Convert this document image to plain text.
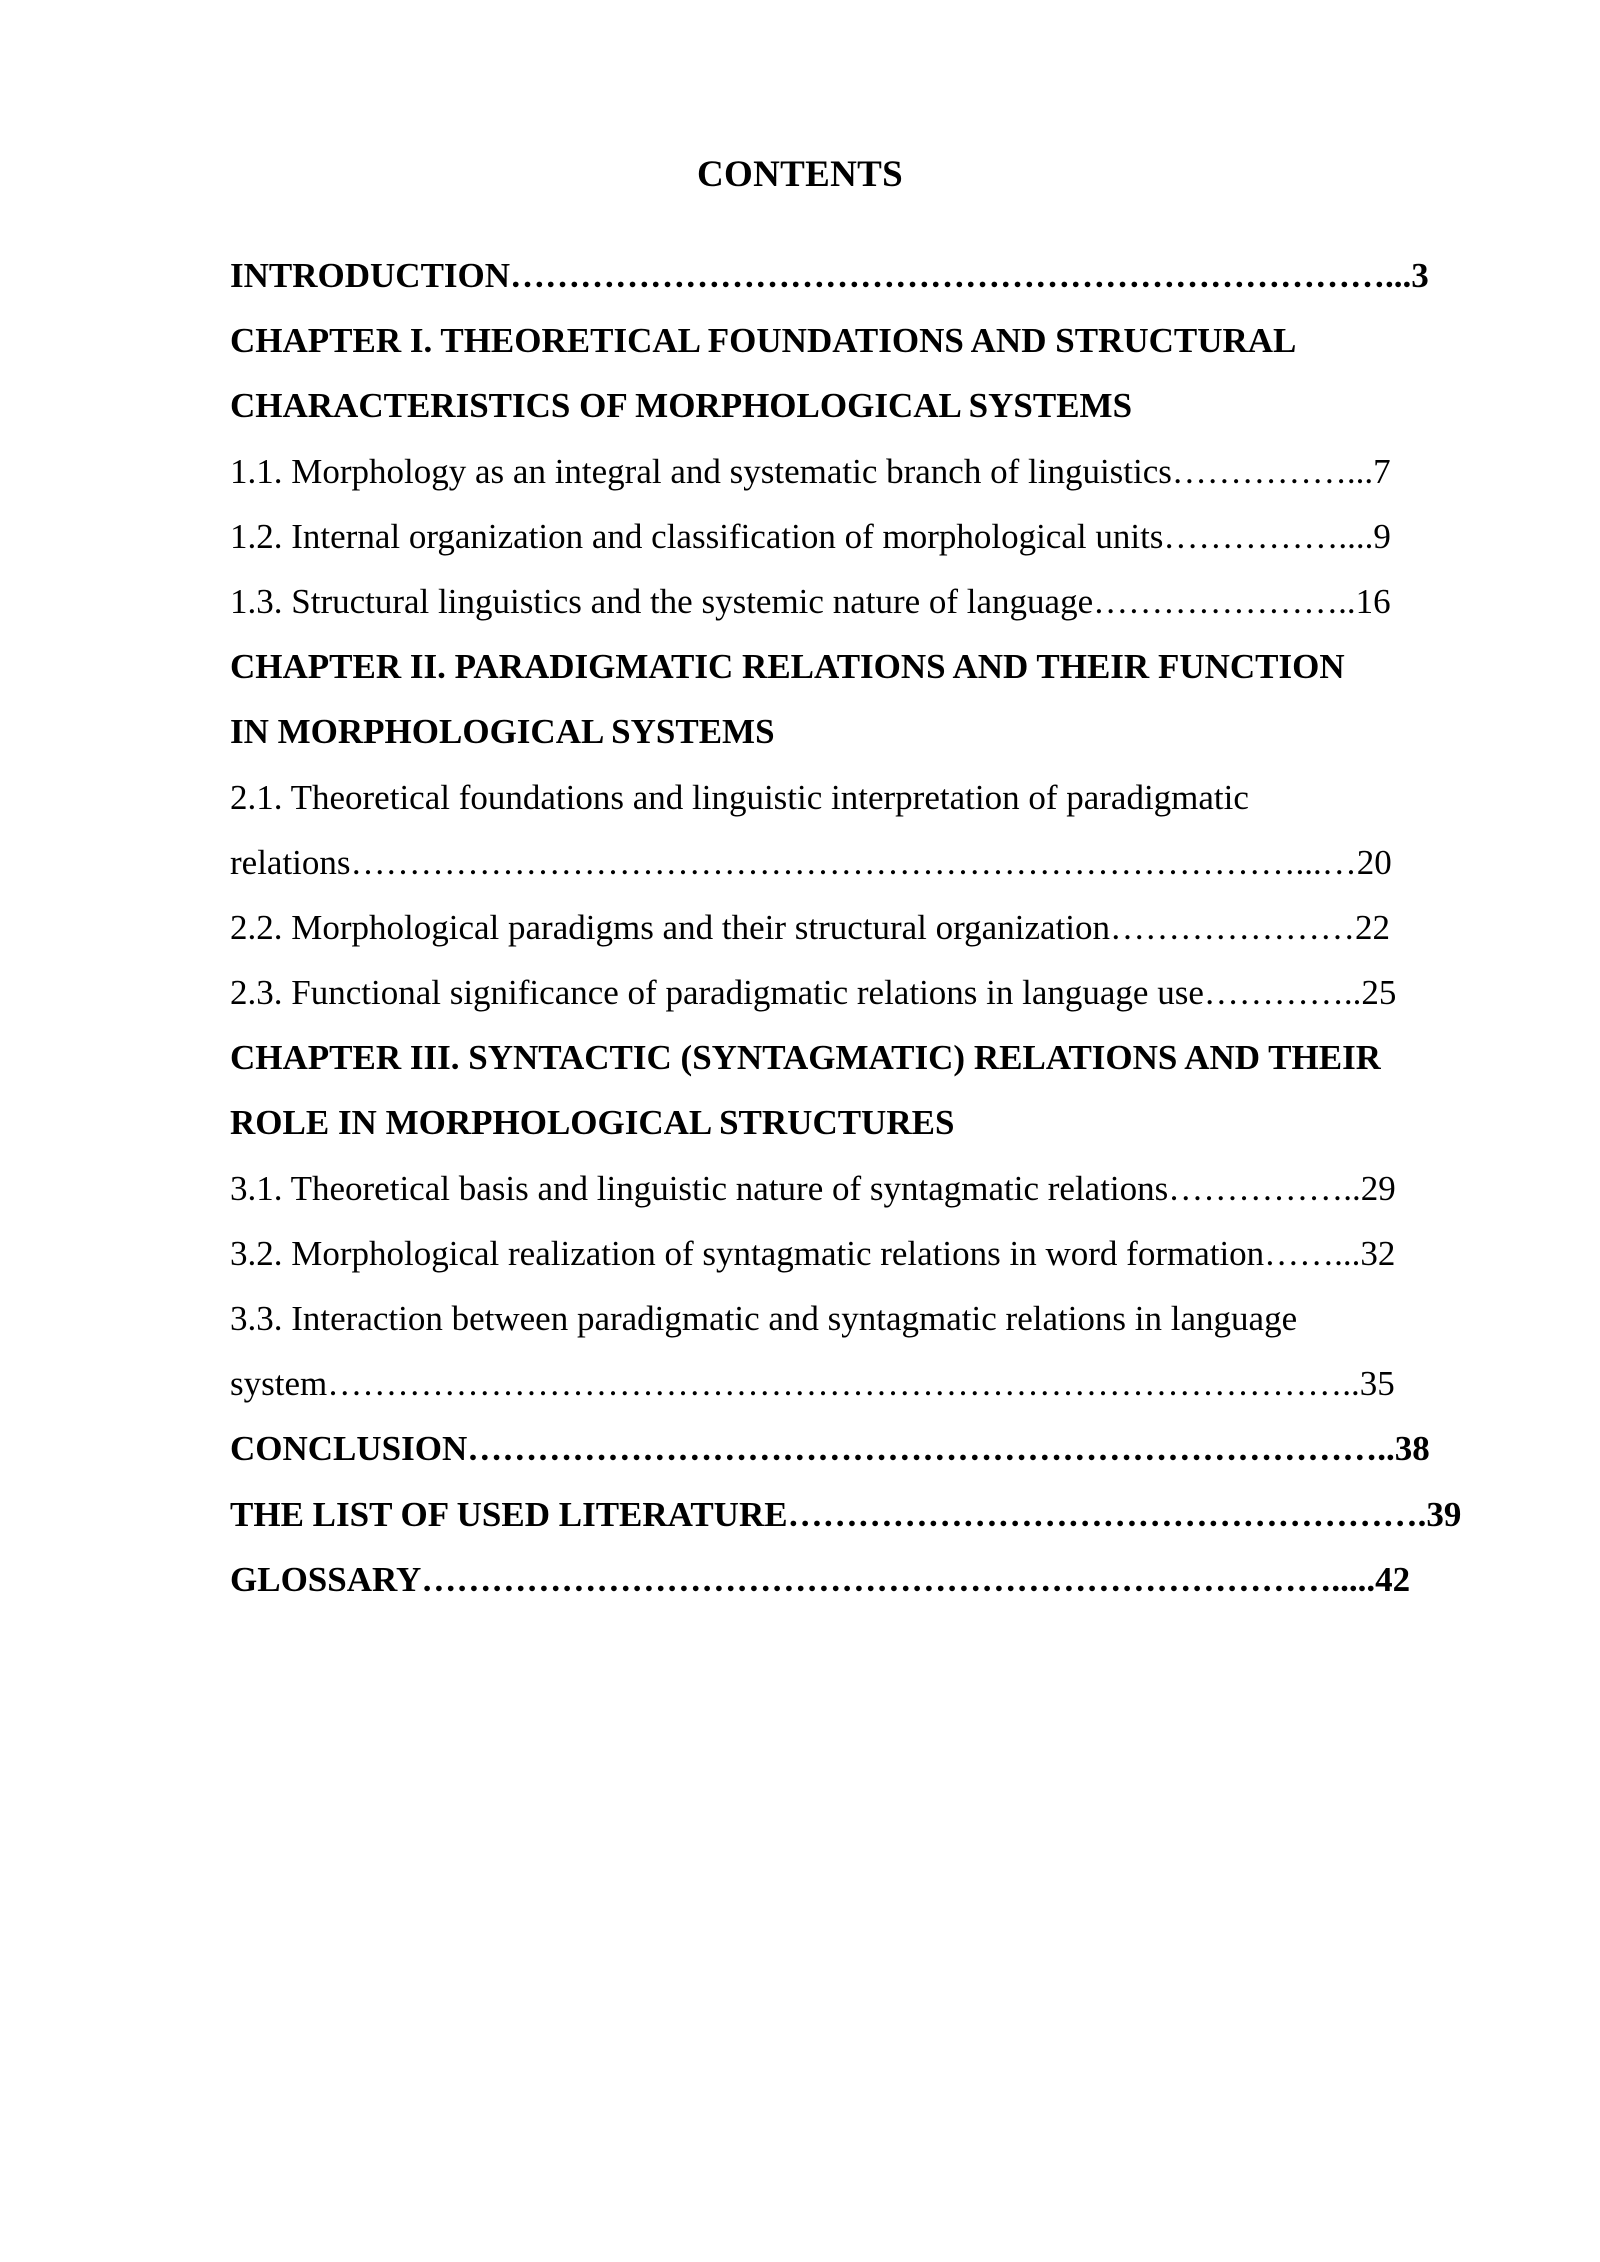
CONTENTS
INTRODUCTION…………………………………………………………………...3
CHAPTER I. THEORETICAL FOUNDATIONS AND STRUCTURAL
CHARACTERISTICS OF MORPHOLOGICAL SYSTEMS
1.1. Morphology as an integral and systematic branch of linguistics……………...7
1.2. Internal organization and classification of morphological units……………....9
1.3. Structural linguistics and the systemic nature of language…………………..16
CHAPTER II. PARADIGMATIC RELATIONS AND THEIR FUNCTION
IN MORPHOLOGICAL SYSTEMS
2.1. Theoretical foundations and linguistic interpretation of paradigmatic
relations………………………………………………………………………...…20
2.2. Morphological paradigms and their structural organization…………………22
2.3. Functional significance of paradigmatic relations in language use…………..25
CHAPTER III. SYNTACTIC (SYNTAGMATIC) RELATIONS AND THEIR
ROLE IN MORPHOLOGICAL STRUCTURES
3.1. Theoretical basis and linguistic nature of syntagmatic relations……………..29
3.2. Morphological realization of syntagmatic relations in word formation……...32
3.3. Interaction between paradigmatic and syntagmatic relations in language
system……………………………………………………………………………..35
CONCLUSION……………………………………………………………………..38
THE LIST OF USED LITERATURE……………………………………………….39
GLOSSARY…………………………………………………………………….....42
